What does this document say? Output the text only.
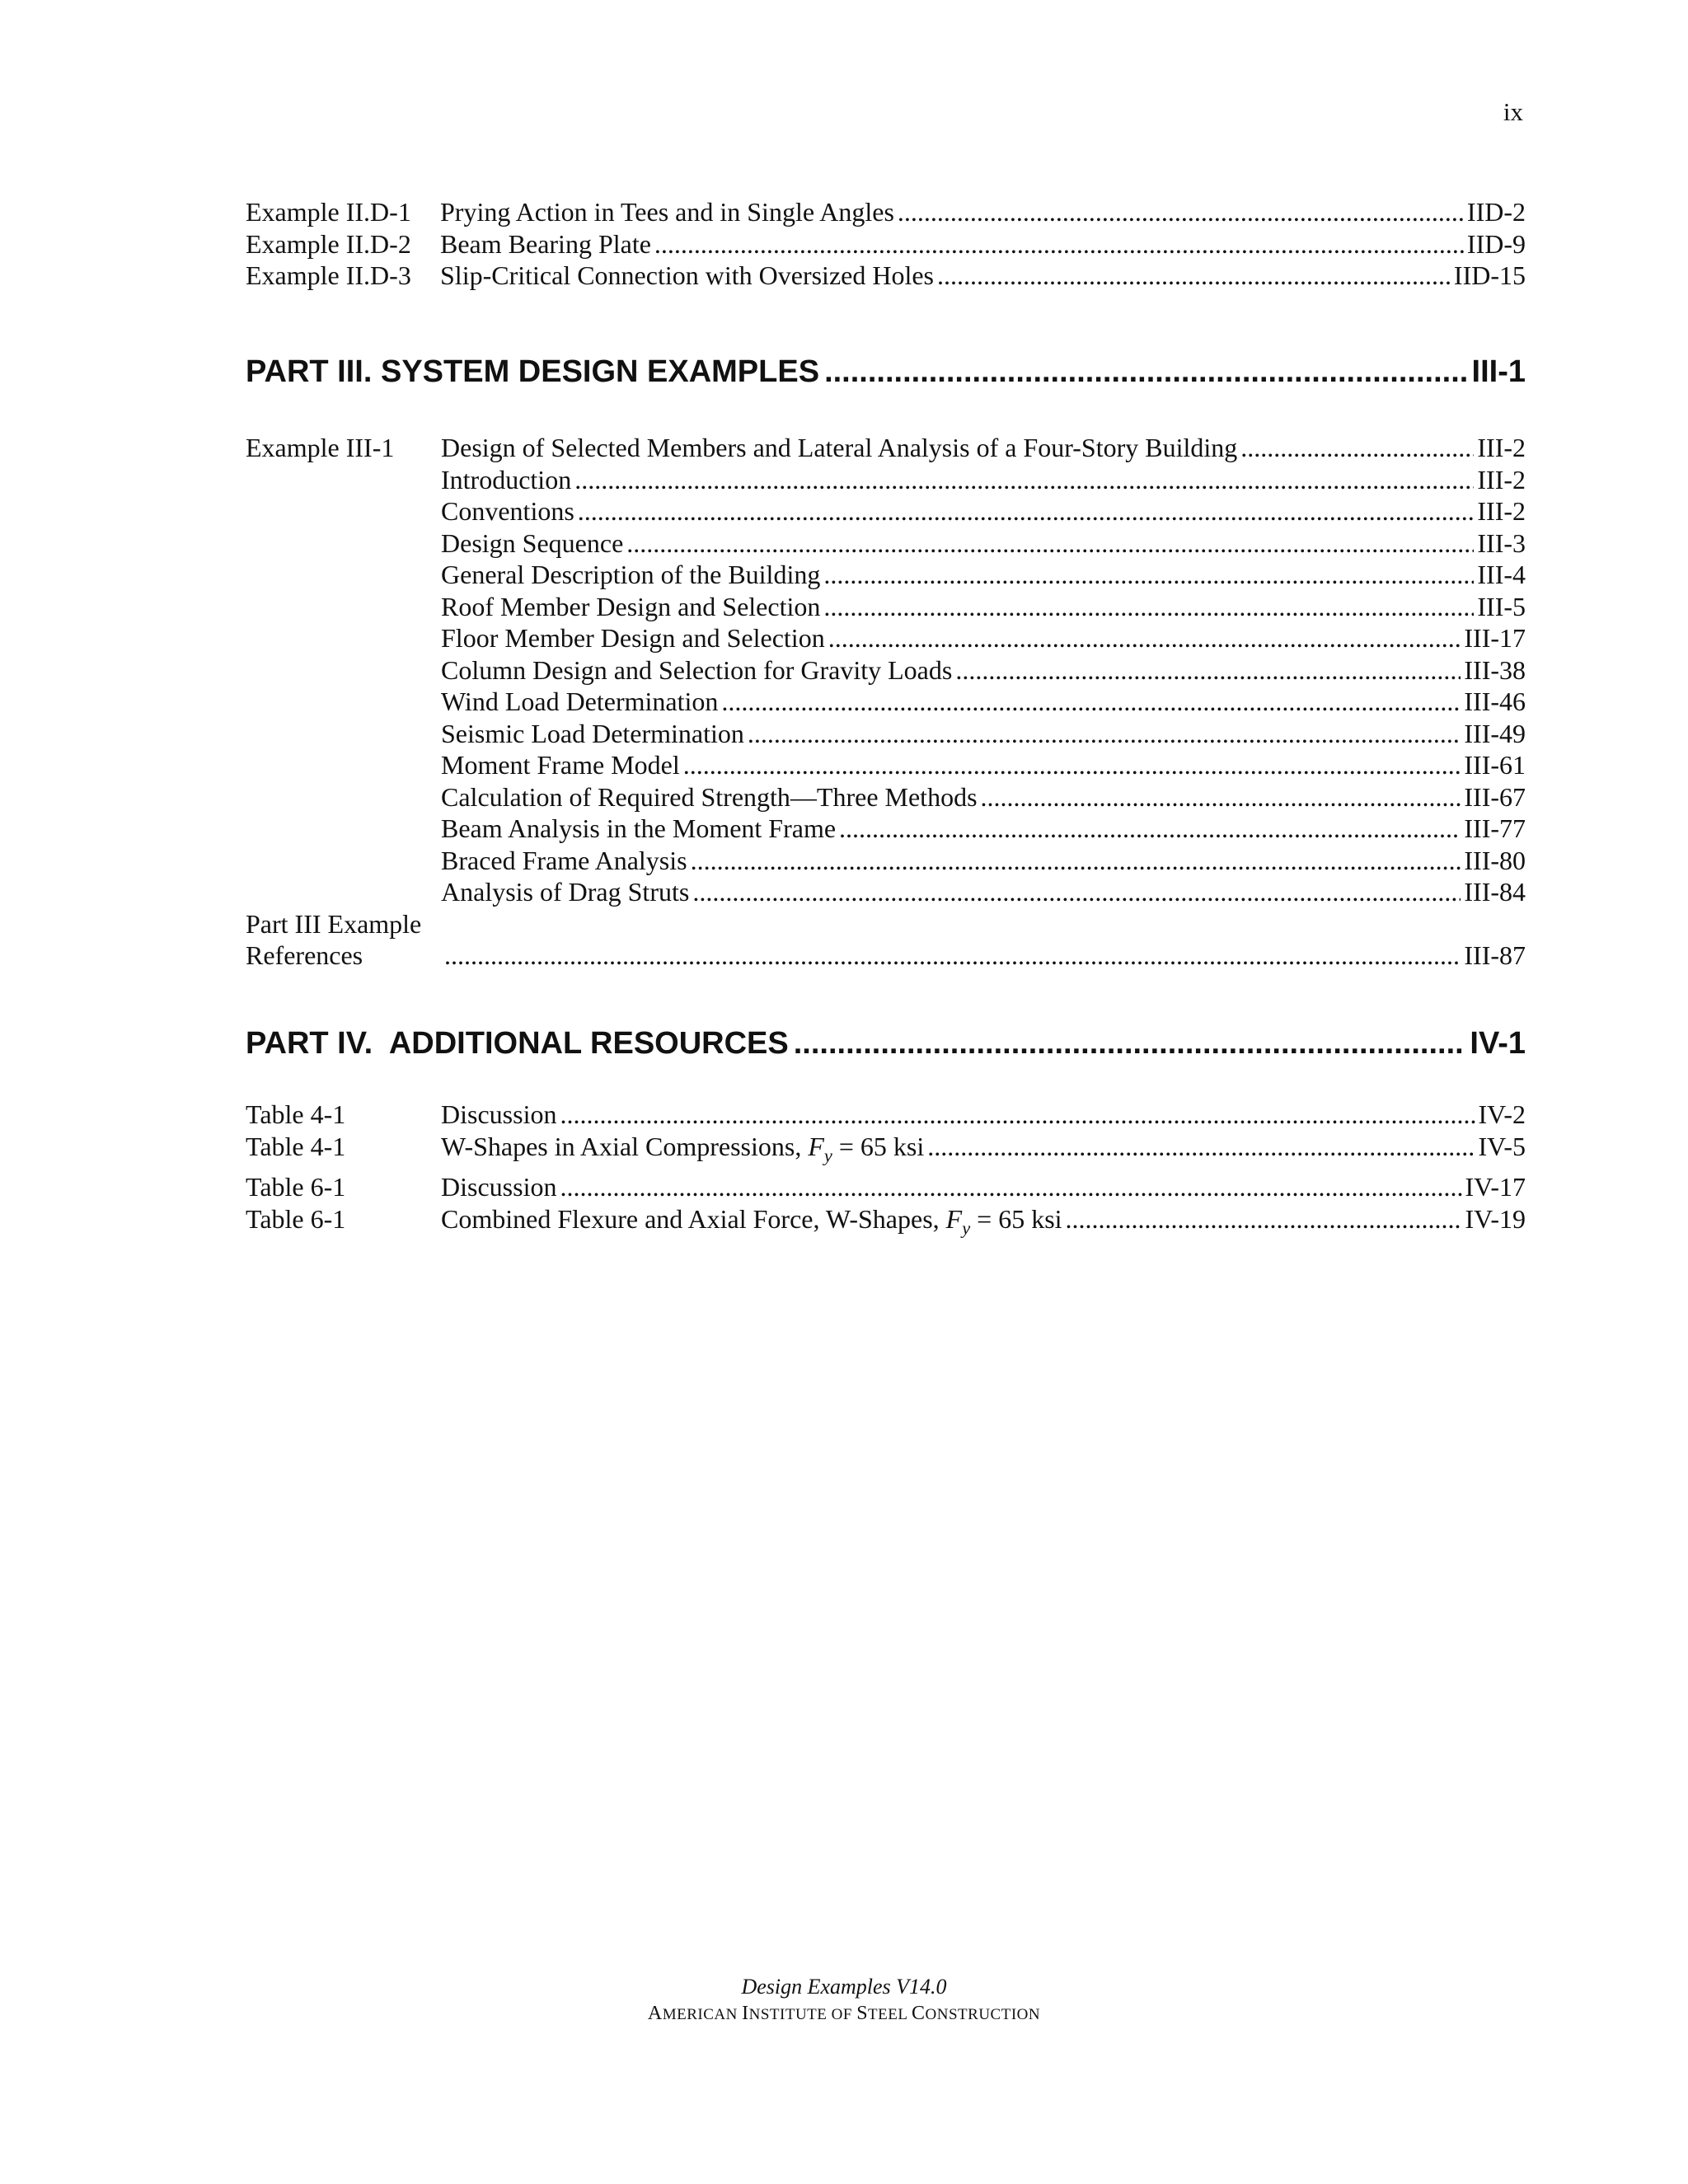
ix
Example II.D-1	Prying Action in Tees and in Single Angles .....	IID-2
Example II.D-2	Beam Bearing Plate .....	IID-9
Example II.D-3	Slip-Critical Connection with Oversized Holes .....	IID-15
PART III. SYSTEM DESIGN EXAMPLES .....	III-1
Example III-1	Design of Selected Members and Lateral Analysis of a Four-Story Building .....	III-2
Introduction .....	III-2
Conventions .....	III-2
Design Sequence .....	III-3
General Description of the Building .....	III-4
Roof Member Design and Selection .....	III-5
Floor Member Design and Selection .....	III-17
Column Design and Selection for Gravity Loads .....	III-38
Wind Load Determination .....	III-46
Seismic Load Determination .....	III-49
Moment Frame Model .....	III-61
Calculation of Required Strength—Three Methods .....	III-67
Beam Analysis in the Moment Frame .....	III-77
Braced Frame Analysis .....	III-80
Analysis of Drag Struts .....	III-84
Part III Example
References .....	III-87
PART IV.  ADDITIONAL RESOURCES .....	IV-1
Table 4-1	Discussion .....	IV-2
Table 4-1	W-Shapes in Axial Compressions, $F_y = 65$ ksi .....	IV-5
Table 6-1	Discussion .....	IV-17
Table 6-1	Combined Flexure and Axial Force, W-Shapes, $F_y = 65$ ksi .....	IV-19
Design Examples V14.0
AMERICAN INSTITUTE OF STEEL CONSTRUCTION
